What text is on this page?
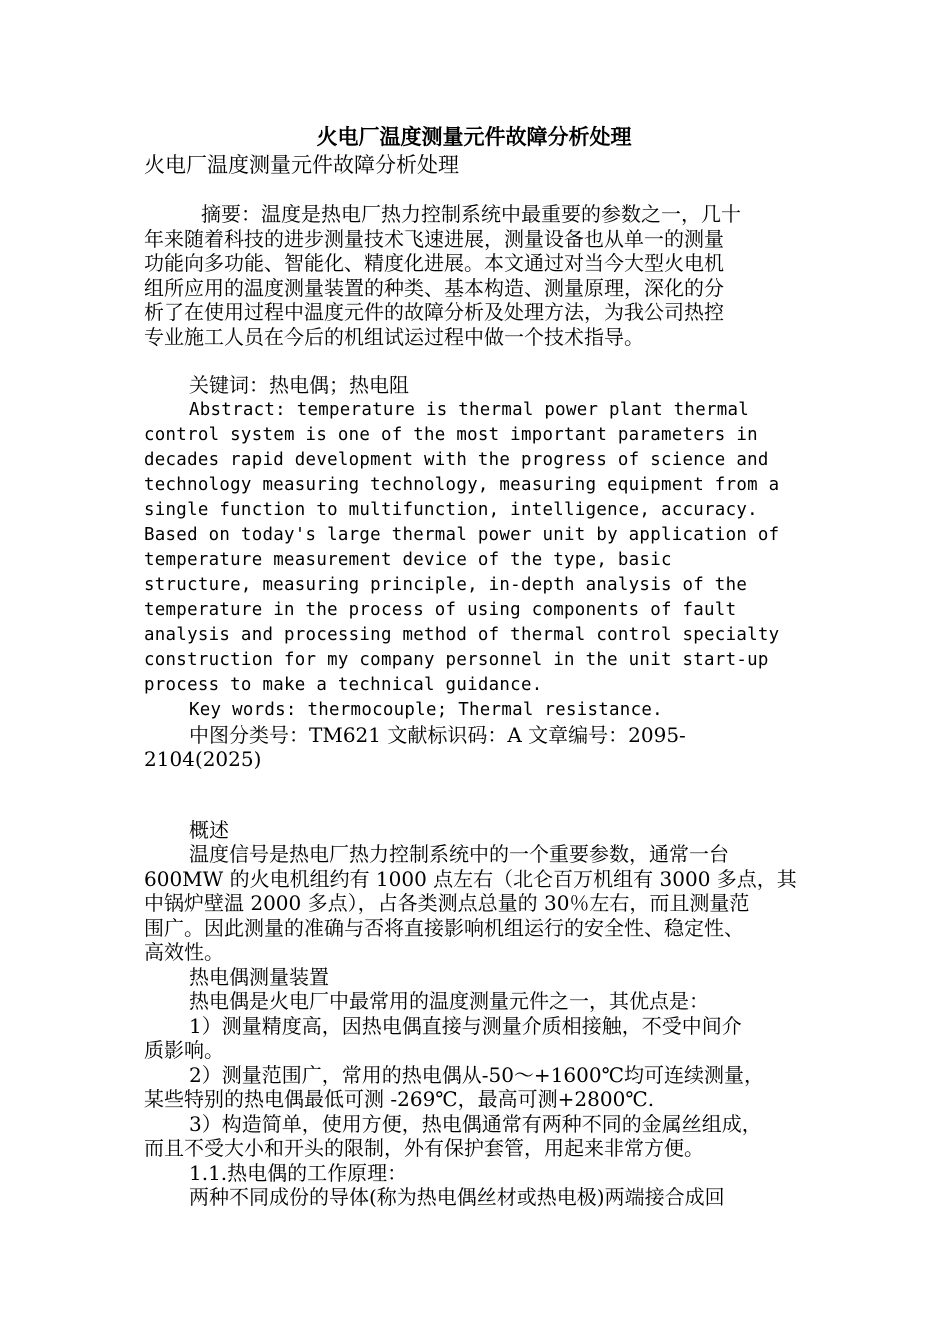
火电厂温度测量元件故障分析处理

火电厂温度测量元件故障分析处理

摘要：温度是热电厂热力控制系统中最重要的参数之一，几十
年来随着科技的进步测量技术飞速进展，测量设备也从单一的测量
功能向多功能、智能化、精度化进展。本文通过对当今大型火电机
组所应用的温度测量装置的种类、基本构造、测量原理，深化的分
析了在使用过程中温度元件的故障分析及处理方法，为我公司热控
专业施工人员在今后的机组试运过程中做一个技术指导。

关键词：热电偶；热电阻

Abstract: temperature is thermal power plant thermal
control system is one of the most important parameters in
decades rapid development with the progress of science and
technology measuring technology, measuring equipment from a
single function to multifunction, intelligence, accuracy.
Based on today's large thermal power unit by application of
temperature measurement device of the type, basic
structure, measuring principle, in-depth analysis of the
temperature in the process of using components of fault
analysis and processing method of thermal control specialty
construction for my company personnel in the unit start-up
process to make a technical guidance.
Key words: thermocouple; Thermal resistance.
中图分类号：TM621 文献标识码：A 文章编号：2095-
2104(2025)

概述

温度信号是热电厂热力控制系统中的一个重要参数，通常一台
600MW 的火电机组约有 1000 点左右（北仑百万机组有 3000 多点，其
中锅炉壁温 2000 多点），占各类测点总量的 30％左右，而且测量范
围广。因此测量的准确与否将直接影响机组运行的安全性、稳定性、
高效性。

热电偶测量装置

热电偶是火电厂中最常用的温度测量元件之一，其优点是：

1）测量精度高，因热电偶直接与测量介质相接触，不受中间介
质影响。
2）测量范围广，常用的热电偶从-50～+1600℃均可连续测量，
某些特别的热电偶最低可测 -269℃，最高可测+2800℃.
3）构造简单，使用方便，热电偶通常有两种不同的金属丝组成，
而且不受大小和开头的限制，外有保护套管，用起来非常方便。

1.1.热电偶的工作原理：

两种不同成份的导体(称为热电偶丝材或热电极)两端接合成回
